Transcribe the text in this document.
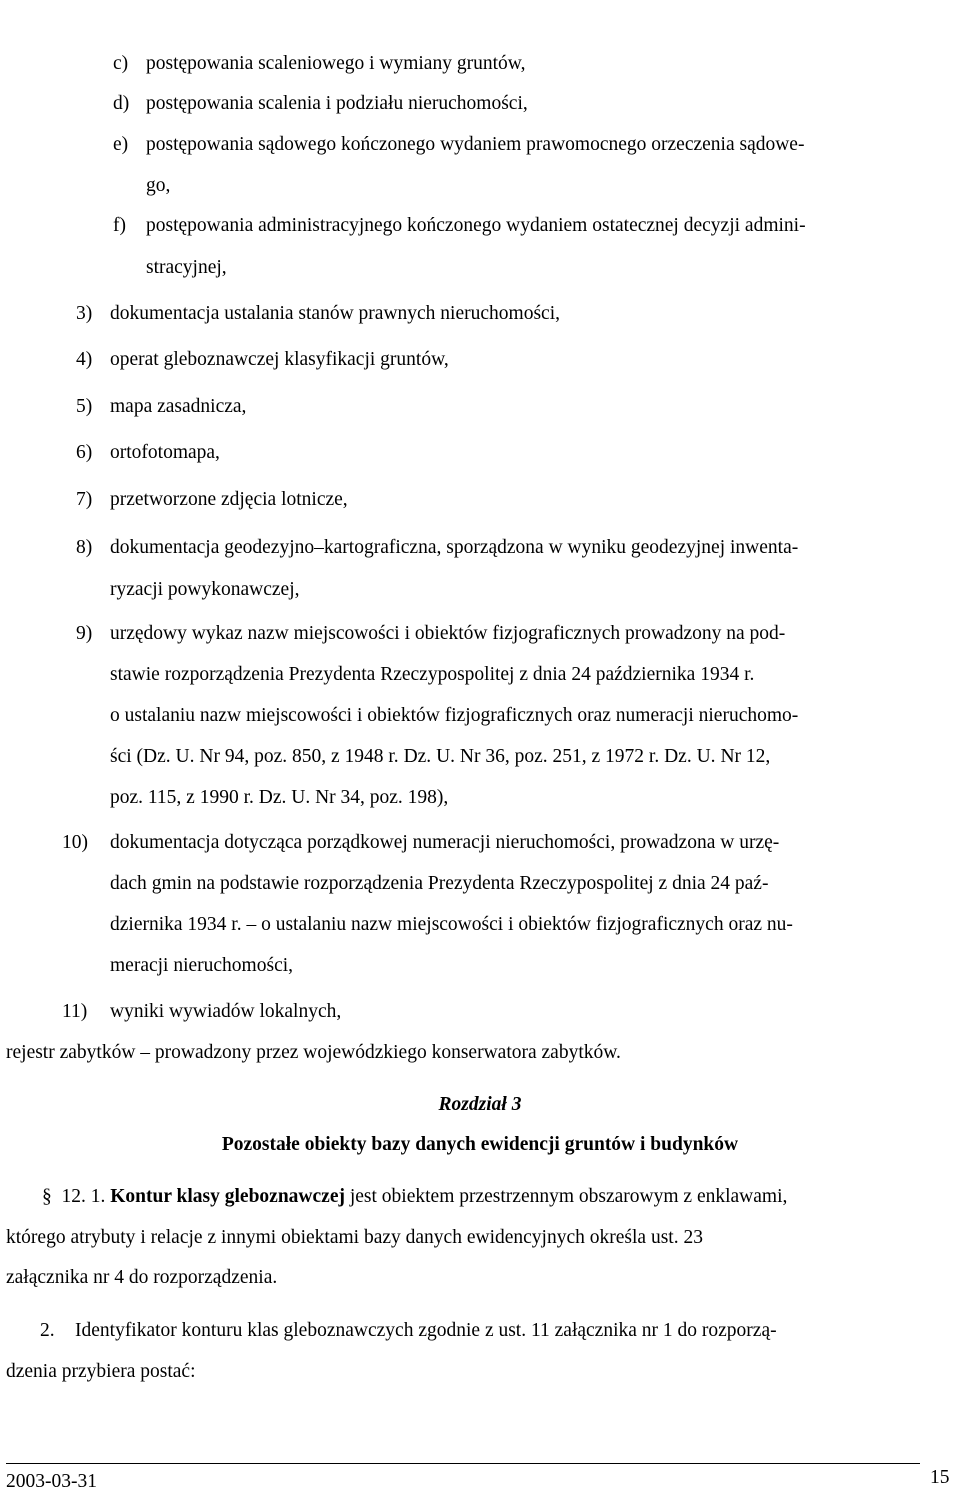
c) postępowania scaleniowego i wymiany gruntów,
d) postępowania scalenia i podziału nieruchomości,
e) postępowania sądowego kończonego wydaniem prawomocnego orzeczenia sądowe-
go,
f) postępowania administracyjnego kończonego wydaniem ostatecznej decyzji admini-
stracyjnej,
3) dokumentacja ustalania stanów prawnych nieruchomości,
4) operat gleboznawczej klasyfikacji gruntów,
5) mapa zasadnicza,
6) ortofotomapa,
7) przetworzone zdjęcia lotnicze,
8) dokumentacja geodezyjno–kartograficzna, sporządzona w wyniku geodezyjnej inwenta-
ryzacji powykonawczej,
9) urzędowy wykaz nazw miejscowości i obiektów fizjograficznych prowadzony na pod-
stawie rozporządzenia Prezydenta Rzeczypospolitej z dnia 24 października 1934 r.
o ustalaniu nazw miejscowości i obiektów fizjograficznych oraz numeracji nieruchomo-
ści (Dz. U. Nr 94, poz. 850, z 1948 r. Dz. U. Nr 36, poz. 251, z 1972 r. Dz. U. Nr 12,
poz. 115, z 1990 r. Dz. U. Nr 34, poz. 198),
10) dokumentacja dotycząca porządkowej numeracji nieruchomości, prowadzona w urzę-
dach gmin na podstawie rozporządzenia Prezydenta Rzeczypospolitej z dnia 24 paź-
dziernika 1934 r. – o ustalaniu nazw miejscowości i obiektów fizjograficznych oraz nu-
meracji nieruchomości,
11) wyniki wywiadów lokalnych,
rejestr zabytków – prowadzony przez wojewódzkiego konserwatora zabytków.
Rozdział 3
Pozostałe obiekty bazy danych ewidencji gruntów i budynków
§ 12. 1. Kontur klasy gleboznawczej jest obiektem przestrzennym obszarowym z enklawami,
którego atrybuty i relacje z innymi obiektami bazy danych ewidencyjnych określa ust. 23
załącznika nr 4 do rozporządzenia.
2. Identyfikator konturu klas gleboznawczych zgodnie z ust. 11 załącznika nr 1 do rozporzą-
dzenia przybiera postać:
2003-03-31	15
